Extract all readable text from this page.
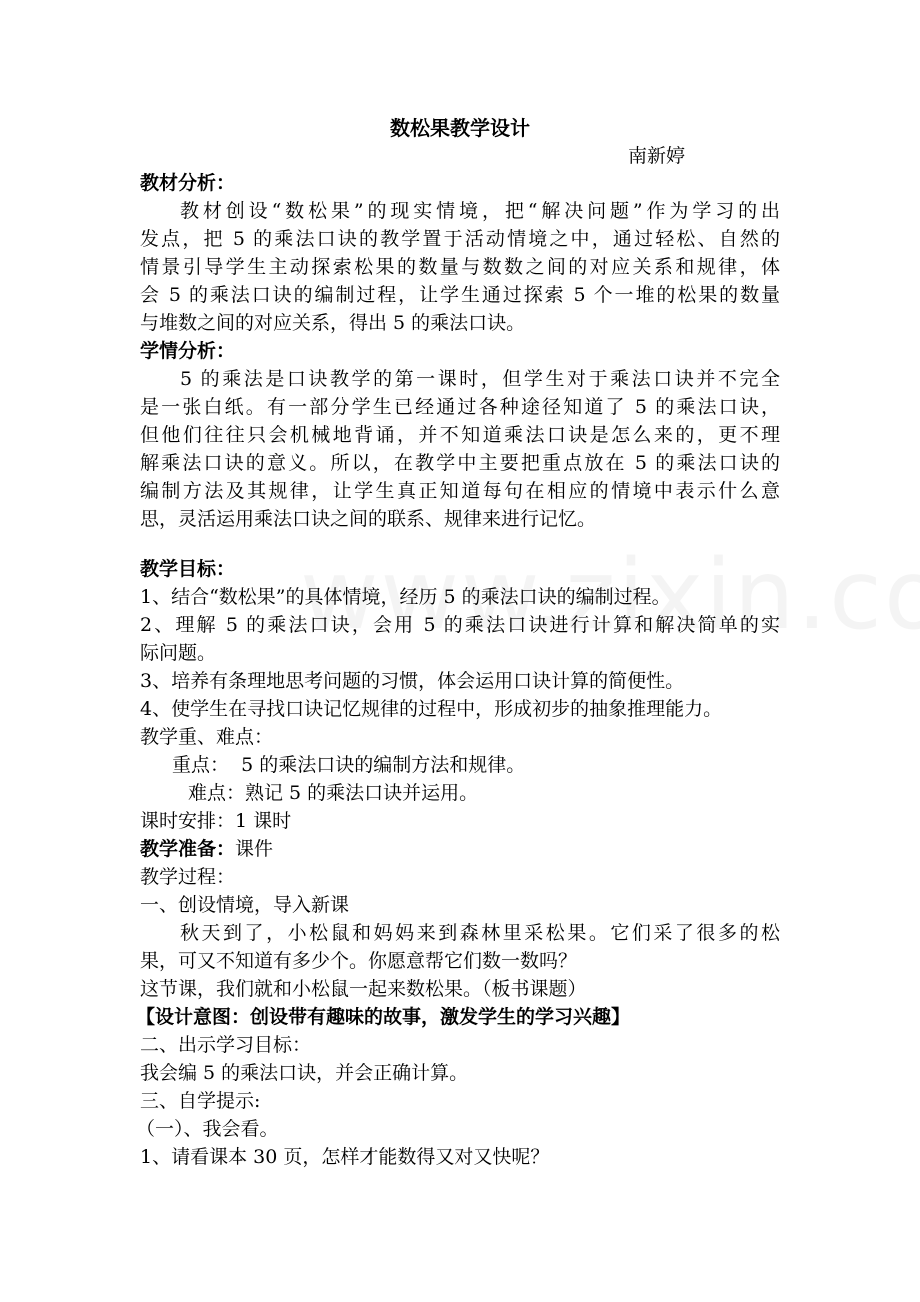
数松果教学设计
南新婷
教材分析：
教材创设“数松果”的现实情境，把“解决问题”作为学习的出
发点，把 5 的乘法口诀的教学置于活动情境之中，通过轻松、自然的
情景引导学生主动探索松果的数量与数数之间的对应关系和规律，体
会 5 的乘法口诀的编制过程，让学生通过探索 5 个一堆的松果的数量
与堆数之间的对应关系，得出 5 的乘法口诀。
学情分析：
5 的乘法是口诀教学的第一课时，但学生对于乘法口诀并不完全
是一张白纸。有一部分学生已经通过各种途径知道了 5 的乘法口诀，
但他们往往只会机械地背诵，并不知道乘法口诀是怎么来的，更不理
解乘法口诀的意义。所以，在教学中主要把重点放在 5 的乘法口诀的
编制方法及其规律，让学生真正知道每句在相应的情境中表示什么意
思，灵活运用乘法口诀之间的联系、规律来进行记忆。
教学目标：
1、结合“数松果”的具体情境，经历 5 的乘法口诀的编制过程。
2、理解 5 的乘法口诀，会用 5 的乘法口诀进行计算和解决简单的实
际问题。
3、培养有条理地思考问题的习惯，体会运用口诀计算的简便性。
4、使学生在寻找口诀记忆规律的过程中，形成初步的抽象推理能力。
教学重、难点：
重点：  5 的乘法口诀的编制方法和规律。
难点：熟记 5 的乘法口诀并运用。
课时安排：1 课时
教学准备：课件
教学过程：
一、创设情境，导入新课
秋天到了，小松鼠和妈妈来到森林里采松果。它们采了很多的松
果，可又不知道有多少个。你愿意帮它们数一数吗？
这节课，我们就和小松鼠一起来数松果。（板书课题）
【设计意图：创设带有趣味的故事，激发学生的学习兴趣】
二、出示学习目标：
我会编 5 的乘法口诀，并会正确计算。
三、自学提示:
（一）、我会看。
1、请看课本 30 页，怎样才能数得又对又快呢？
